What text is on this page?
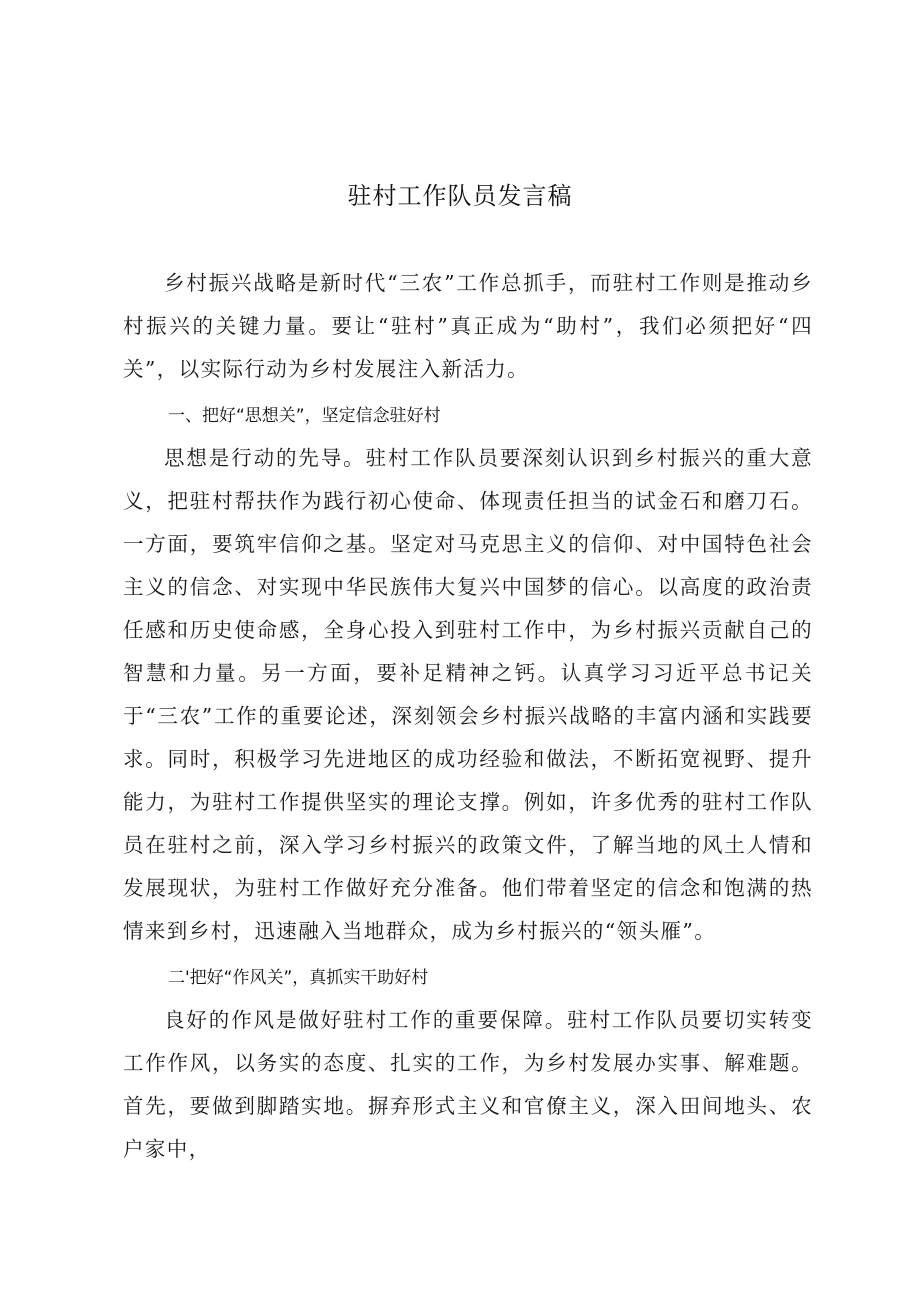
驻村工作队员发言稿

乡村振兴战略是新时代“三农”工作总抓手，而驻村工作则是推动乡村振兴的关键力量。要让“驻村”真正成为“助村”，我们必须把好“四关”，以实际行动为乡村发展注入新活力。

一、把好“思想关”，坚定信念驻好村

思想是行动的先导。驻村工作队员要深刻认识到乡村振兴的重大意义，把驻村帮扶作为践行初心使命、体现责任担当的试金石和磨刀石。一方面，要筑牢信仰之基。坚定对马克思主义的信仰、对中国特色社会主义的信念、对实现中华民族伟大复兴中国梦的信心。以高度的政治责任感和历史使命感，全身心投入到驻村工作中，为乡村振兴贡献自己的智慧和力量。另一方面，要补足精神之钙。认真学习习近平总书记关于“三农”工作的重要论述，深刻领会乡村振兴战略的丰富内涵和实践要求。同时，积极学习先进地区的成功经验和做法，不断拓宽视野、提升能力，为驻村工作提供坚实的理论支撑。例如，许多优秀的驻村工作队员在驻村之前，深入学习乡村振兴的政策文件，了解当地的风土人情和发展现状，为驻村工作做好充分准备。他们带着坚定的信念和饱满的热情来到乡村，迅速融入当地群众，成为乡村振兴的“领头雁”。

二'把好“作风关”，真抓实干助好村

良好的作风是做好驻村工作的重要保障。驻村工作队员要切实转变工作作风，以务实的态度、扎实的工作，为乡村发展办实事、解难题。首先，要做到脚踏实地。摒弃形式主义和官僚主义，深入田间地头、农户家中，
